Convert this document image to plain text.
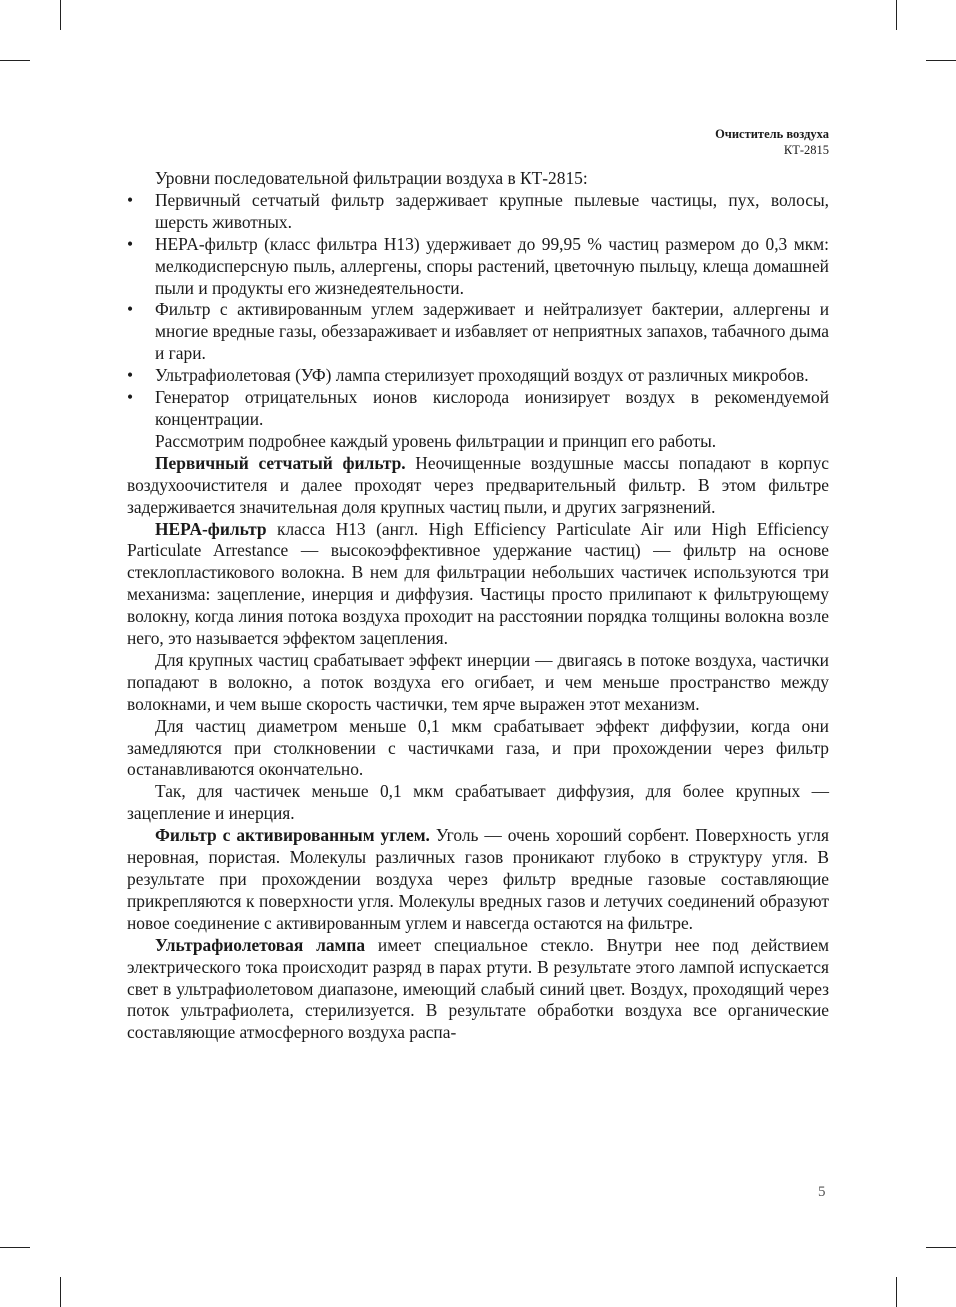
Очиститель воздуха
КТ-2815

Уровни последовательной фильтрации воздуха в КТ-2815:

• Первичный сетчатый фильтр задерживает крупные пылевые частицы, пух, волосы, шерсть животных.
• HEPA-фильтр (класс фильтра H13) удерживает до 99,95 % частиц размером до 0,3 мкм: мелкодисперсную пыль, аллергены, споры растений, цветочную пыльцу, клеща домашней пыли и продукты его жизнедеятельности.
• Фильтр с активированным углем задерживает и нейтрализует бактерии, аллергены и многие вредные газы, обеззараживает и избавляет от неприятных запахов, табачного дыма и гари.
• Ультрафиолетовая (УФ) лампа стерилизует проходящий воздух от различных микробов.
• Генератор отрицательных ионов кислорода ионизирует воздух в рекомендуемой концентрации.

Рассмотрим подробнее каждый уровень фильтрации и принцип его работы.

Первичный сетчатый фильтр. Неочищенные воздушные массы попадают в корпус воздухоочистителя и далее проходят через предварительный фильтр. В этом фильтре задерживается значительная доля крупных частиц пыли, и других загрязнений.

HEPA-фильтр класса H13 (англ. High Efficiency Particulate Air или High Efficiency Particulate Arrestance — высокоэффективное удержание частиц) — фильтр на основе стеклопластикового волокна. В нем для фильтрации небольших частичек используются три механизма: зацепление, инерция и диффузия. Частицы просто прилипают к фильтрующему волокну, когда линия потока воздуха проходит на расстоянии порядка толщины волокна возле него, это называется эффектом зацепления.

Для крупных частиц срабатывает эффект инерции — двигаясь в потоке воздуха, частички попадают в волокно, а поток воздуха его огибает, и чем меньше пространство между волокнами, и чем выше скорость частички, тем ярче выражен этот механизм.

Для частиц диаметром меньше 0,1 мкм срабатывает эффект диффузии, когда они замедляются при столкновении с частичками газа, и при прохождении через фильтр останавливаются окончательно.

Так, для частичек меньше 0,1 мкм срабатывает диффузия, для более крупных — зацепление и инерция.

Фильтр с активированным углем. Уголь — очень хороший сорбент. Поверхность угля неровная, пористая. Молекулы различных газов проникают глубоко в структуру угля. В результате при прохождении воздуха через фильтр вредные газовые составляющие прикрепляются к поверхности угля. Молекулы вредных газов и летучих соединений образуют новое соединение с активированным углем и навсегда остаются на фильтре.

Ультрафиолетовая лампа имеет специальное стекло. Внутри нее под действием электрического тока происходит разряд в парах ртути. В результате этого лампой испускается свет в ультрафиолетовом диапазоне, имеющий слабый синий цвет. Воздух, проходящий через поток ультрафиолета, стерилизуется. В результате обработки воздуха все органические составляющие атмосферного воздуха распа-

5
